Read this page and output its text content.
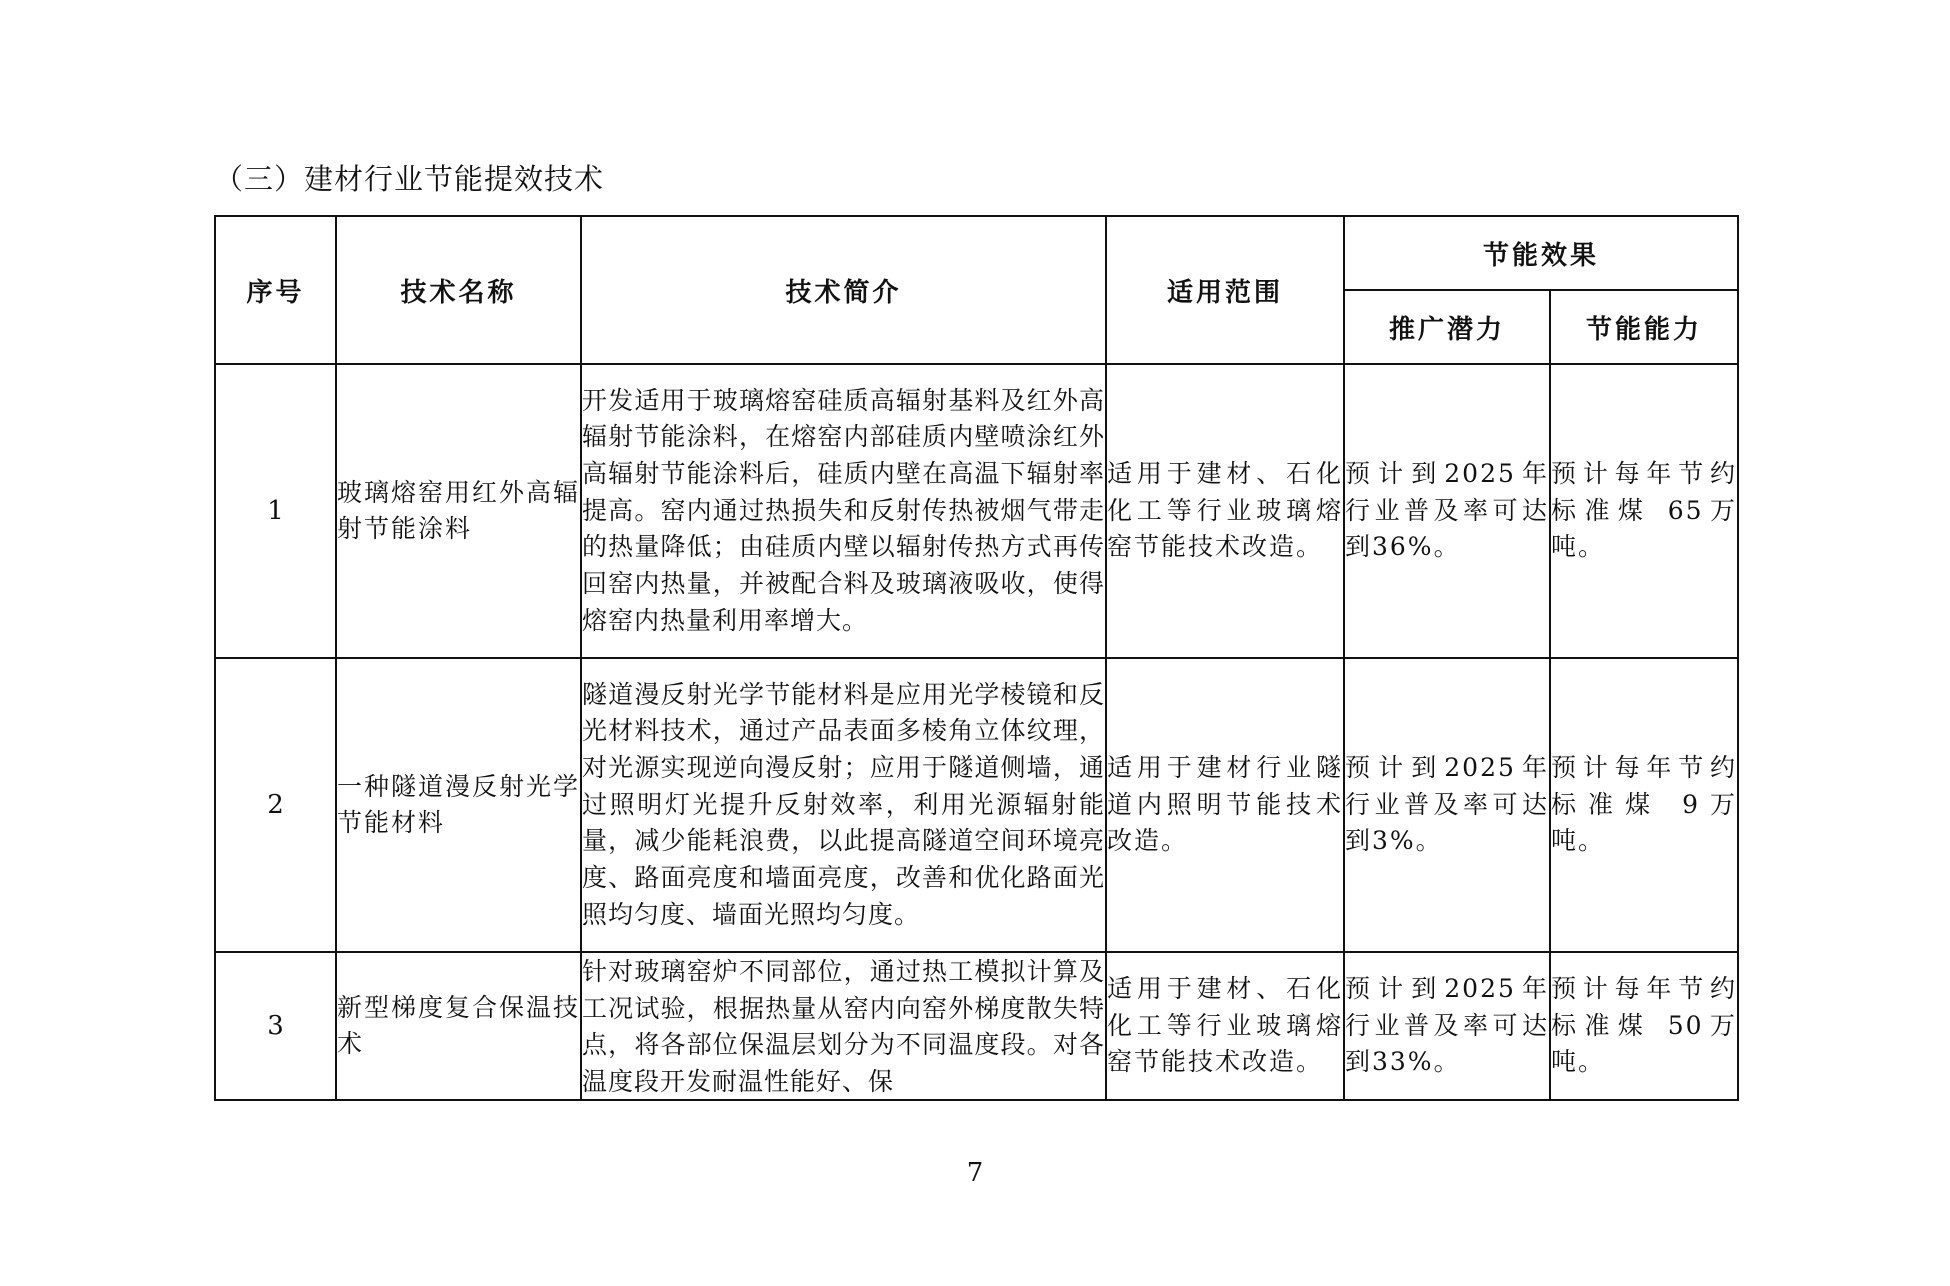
（三）建材行业节能提效技术
序号	技术名称	技术简介	适用范围	节能效果	
				推广潜力	节能能力
1	玻璃熔窑用红外高辐射节能涂料	开发适用于玻璃熔窑硅质高辐射基料及红外高辐射节能涂料，在熔窑内部硅质内壁喷涂红外高辐射节能涂料后，硅质内壁在高温下辐射率提高。窑内通过热损失和反射传热被烟气带走的热量降低；由硅质内壁以辐射传热方式再传回窑内热量，并被配合料及玻璃液吸收，使得熔窑内热量利用率增大。	适用于建材、石化化工等行业玻璃熔窑节能技术改造。	预计到2025年行业普及率可达到36%。	预计每年节约标准煤 65万吨。
2	一种隧道漫反射光学节能材料	隧道漫反射光学节能材料是应用光学棱镜和反光材料技术，通过产品表面多棱角立体纹理，对光源实现逆向漫反射；应用于隧道侧墙，通过照明灯光提升反射效率，利用光源辐射能量，减少能耗浪费，以此提高隧道空间环境亮度、路面亮度和墙面亮度，改善和优化路面光照均匀度、墙面光照均匀度。	适用于建材行业隧道内照明节能技术改造。	预计到2025年行业普及率可达到3%。	预计每年节约标准煤 9万吨。
3	新型梯度复合保温技术	针对玻璃窑炉不同部位，通过热工模拟计算及工况试验，根据热量从窑内向窑外梯度散失特点，将各部位保温层划分为不同温度段。对各温度段开发耐温性能好、保	适用于建材、石化化工等行业玻璃熔窑节能技术改造。	预计到2025年行业普及率可达到33%。	预计每年节约标准煤 50万吨。
7
